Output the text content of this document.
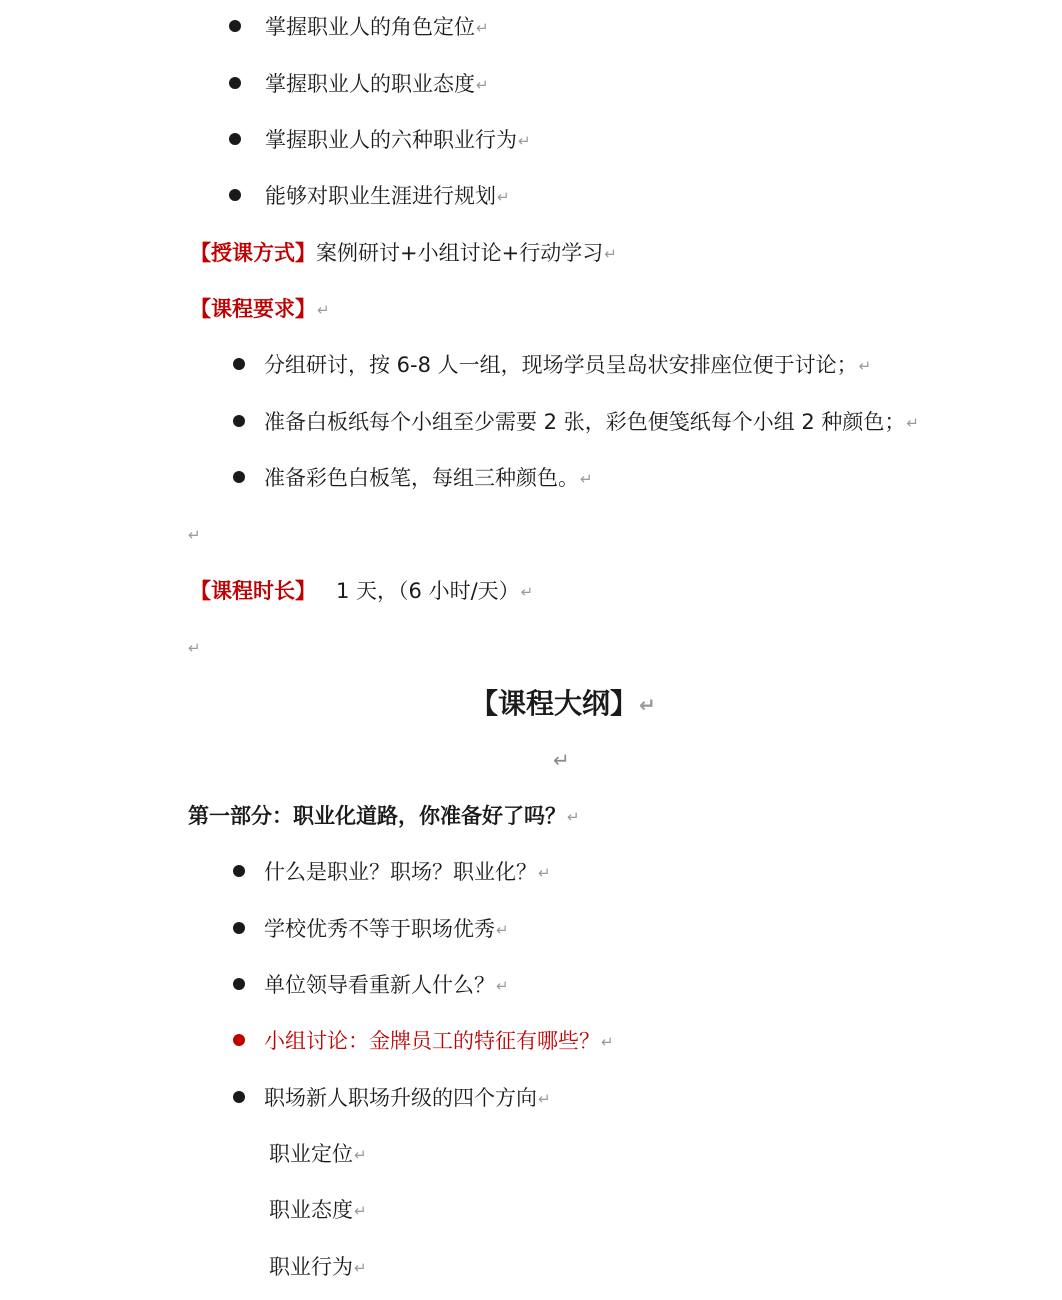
掌握职业人的角色定位↵
掌握职业人的职业态度↵
掌握职业人的六种职业行为↵
能够对职业生涯进行规划↵
【授课方式】案例研讨+小组讨论+行动学习↵
【课程要求】↵
分组研讨，按 6-8 人一组，现场学员呈岛状安排座位便于讨论；↵
准备白板纸每个小组至少需要 2 张，彩色便笺纸每个小组 2 种颜色；↵
准备彩色白板笔，每组三种颜色。↵
↵
【课程时长】 1 天，（6 小时/天）↵
↵
【课程大纲】↵
↵
第一部分：职业化道路，你准备好了吗？↵
什么是职业？职场？职业化？↵
学校优秀不等于职场优秀↵
单位领导看重新人什么？↵
小组讨论：金牌员工的特征有哪些？↵
职场新人职场升级的四个方向↵
职业定位↵
职业态度↵
职业行为↵
